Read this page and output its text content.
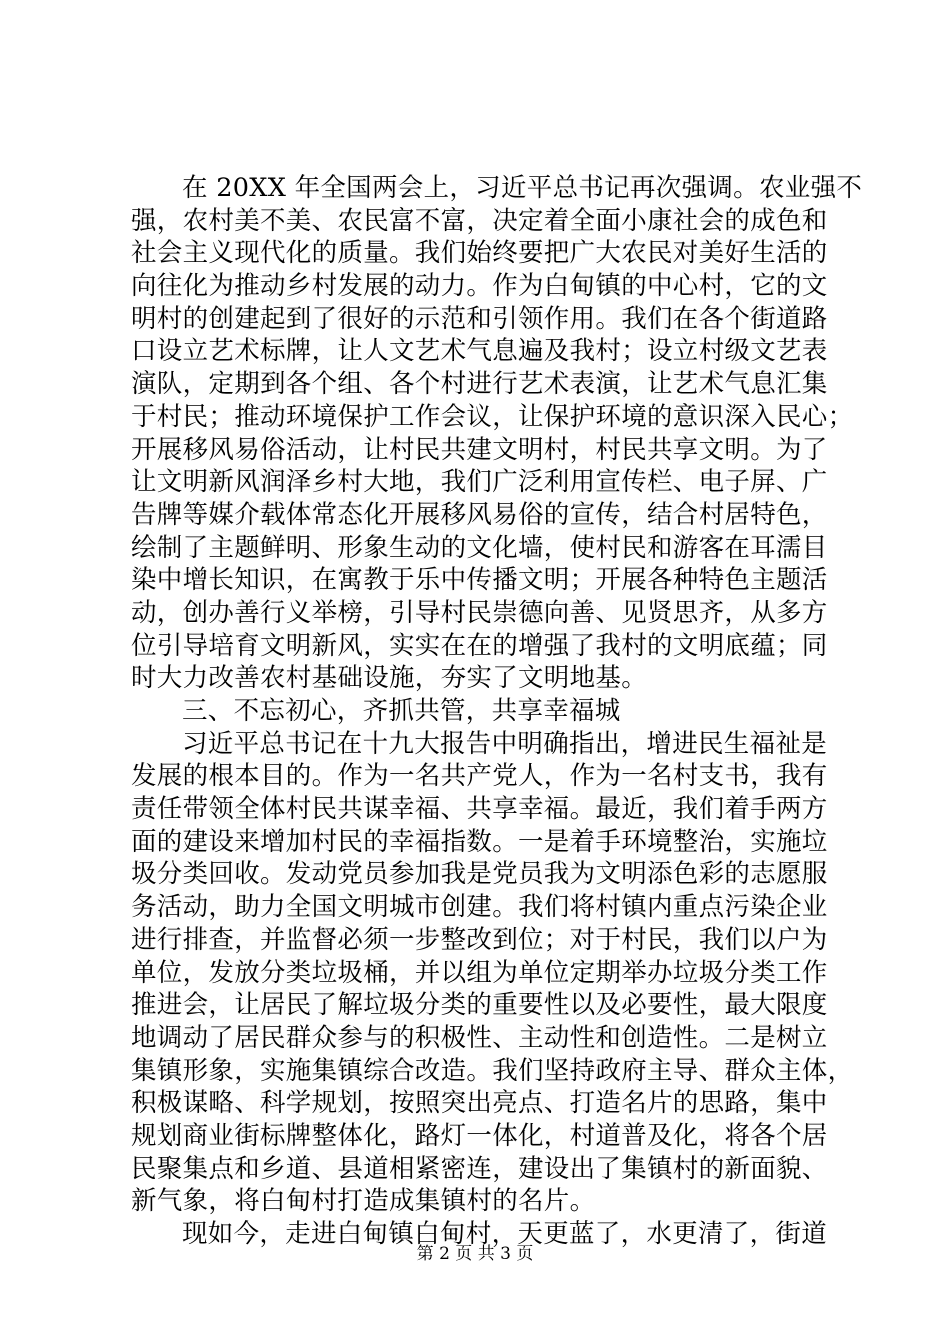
在 20XX 年全国两会上，习近平总书记再次强调。农业强不
强，农村美不美、农民富不富，决定着全面小康社会的成色和
社会主义现代化的质量。我们始终要把广大农民对美好生活的
向往化为推动乡村发展的动力。作为白甸镇的中心村，它的文
明村的创建起到了很好的示范和引领作用。我们在各个街道路
口设立艺术标牌，让人文艺术气息遍及我村；设立村级文艺表
演队，定期到各个组、各个村进行艺术表演，让艺术气息汇集
于村民；推动环境保护工作会议，让保护环境的意识深入民心；
开展移风易俗活动，让村民共建文明村，村民共享文明。为了
让文明新风润泽乡村大地，我们广泛利用宣传栏、电子屏、广
告牌等媒介载体常态化开展移风易俗的宣传，结合村居特色，
绘制了主题鲜明、形象生动的文化墙，使村民和游客在耳濡目
染中增长知识，在寓教于乐中传播文明；开展各种特色主题活
动，创办善行义举榜，引导村民崇德向善、见贤思齐，从多方
位引导培育文明新风，实实在在的增强了我村的文明底蕴；同
时大力改善农村基础设施，夯实了文明地基。
三、不忘初心，齐抓共管，共享幸福城
习近平总书记在十九大报告中明确指出，增进民生福祉是
发展的根本目的。作为一名共产党人，作为一名村支书，我有
责任带领全体村民共谋幸福、共享幸福。最近，我们着手两方
面的建设来增加村民的幸福指数。一是着手环境整治，实施垃
圾分类回收。发动党员参加我是党员我为文明添色彩的志愿服
务活动，助力全国文明城市创建。我们将村镇内重点污染企业
进行排查，并监督必须一步整改到位；对于村民，我们以户为
单位，发放分类垃圾桶，并以组为单位定期举办垃圾分类工作
推进会，让居民了解垃圾分类的重要性以及必要性，最大限度
地调动了居民群众参与的积极性、主动性和创造性。二是树立
集镇形象，实施集镇综合改造。我们坚持政府主导、群众主体，
积极谋略、科学规划，按照突出亮点、打造名片的思路，集中
规划商业街标牌整体化，路灯一体化，村道普及化，将各个居
民聚集点和乡道、县道相紧密连，建设出了集镇村的新面貌、
新气象，将白甸村打造成集镇村的名片。
现如今，走进白甸镇白甸村，天更蓝了，水更清了，街道
第 2 页 共 3 页
